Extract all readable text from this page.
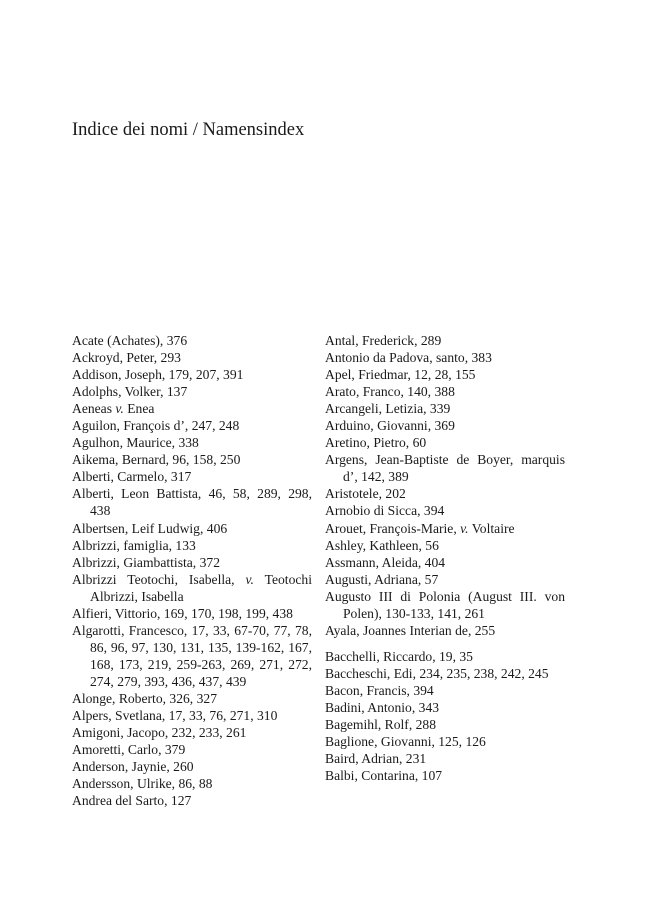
Indice dei nomi / Namensindex
Acate (Achates), 376
Ackroyd, Peter, 293
Addison, Joseph, 179, 207, 391
Adolphs, Volker, 137
Aeneas v. Enea
Aguilon, François d’, 247, 248
Agulhon, Maurice, 338
Aikema, Bernard, 96, 158, 250
Alberti, Carmelo, 317
Alberti, Leon Battista, 46, 58, 289, 298, 438
Albertsen, Leif Ludwig, 406
Albrizzi, famiglia, 133
Albrizzi, Giambattista, 372
Albrizzi Teotochi, Isabella, v. Teotochi Albrizzi, Isabella
Alfieri, Vittorio, 169, 170, 198, 199, 438
Algarotti, Francesco, 17, 33, 67-70, 77, 78, 86, 96, 97, 130, 131, 135, 139-162, 167, 168, 173, 219, 259-263, 269, 271, 272, 274, 279, 393, 436, 437, 439
Alonge, Roberto, 326, 327
Alpers, Svetlana, 17, 33, 76, 271, 310
Amigoni, Jacopo, 232, 233, 261
Amoretti, Carlo, 379
Anderson, Jaynie, 260
Andersson, Ulrike, 86, 88
Andrea del Sarto, 127
Antal, Frederick, 289
Antonio da Padova, santo, 383
Apel, Friedmar, 12, 28, 155
Arato, Franco, 140, 388
Arcangeli, Letizia, 339
Arduino, Giovanni, 369
Aretino, Pietro, 60
Argens, Jean-Baptiste de Boyer, marquis d’, 142, 389
Aristotele, 202
Arnobio di Sicca, 394
Arouet, François-Marie, v. Voltaire
Ashley, Kathleen, 56
Assmann, Aleida, 404
Augusti, Adriana, 57
Augusto III di Polonia (August III. von Polen), 130-133, 141, 261
Ayala, Joannes Interian de, 255
Bacchelli, Riccardo, 19, 35
Baccheschi, Edi, 234, 235, 238, 242, 245
Bacon, Francis, 394
Badini, Antonio, 343
Bagemihl, Rolf, 288
Baglione, Giovanni, 125, 126
Baird, Adrian, 231
Balbi, Contarina, 107
